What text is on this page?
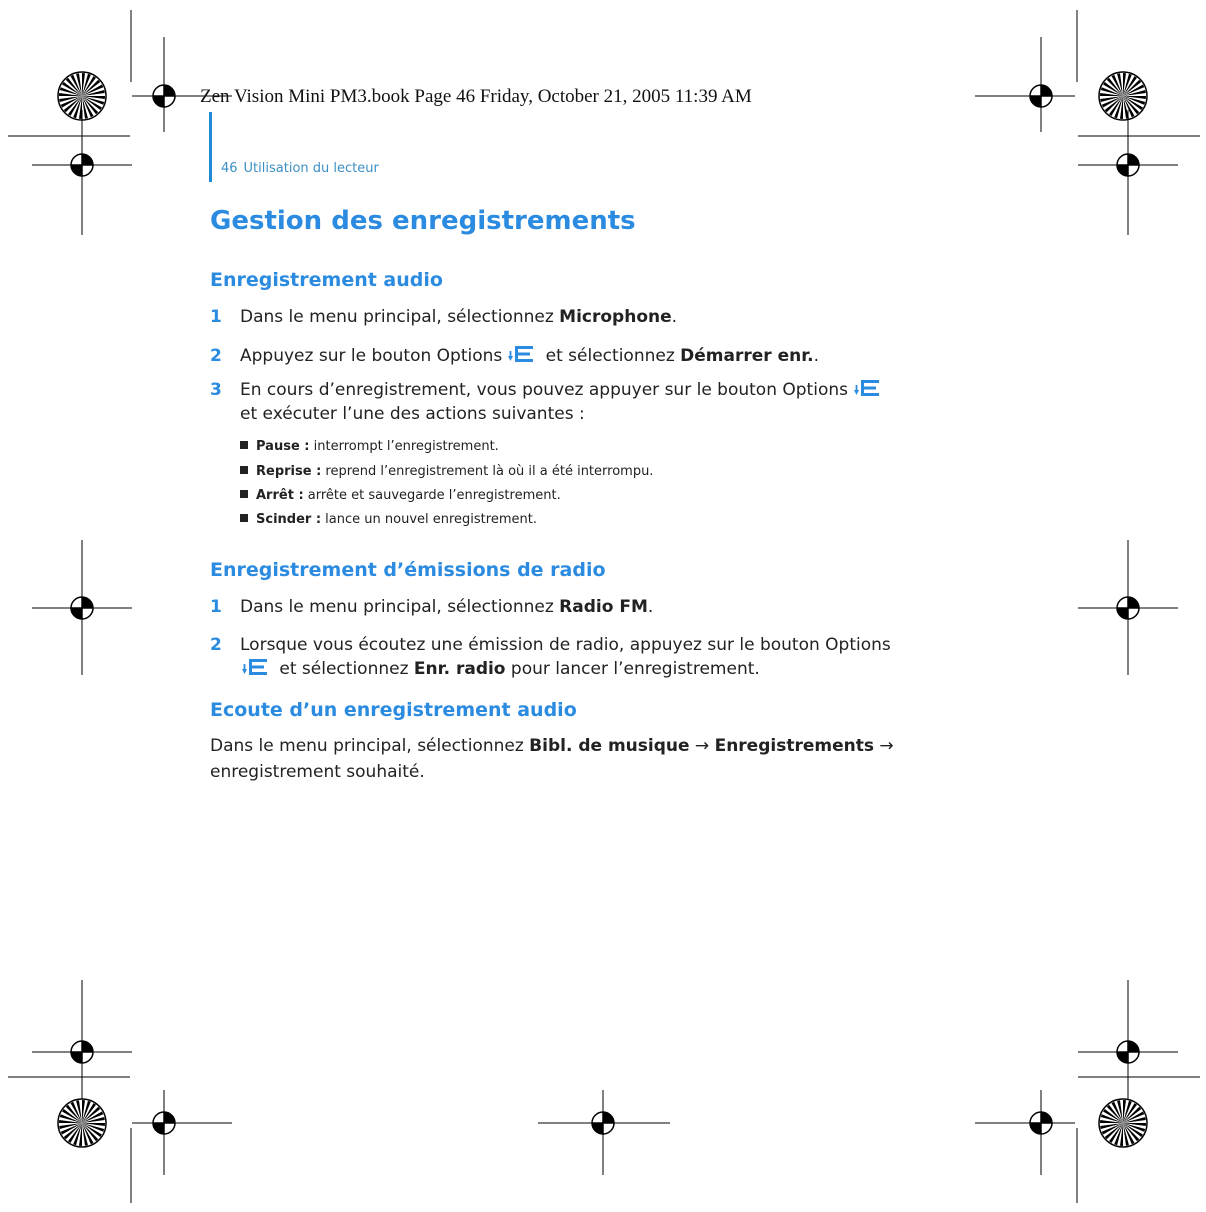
Zen Vision Mini PM3.book Page 46 Friday, October 21, 2005 11:39 AM
46 Utilisation du lecteur
Gestion des enregistrements
Enregistrement audio
1 Dans le menu principal, sélectionnez Microphone.
2 Appuyez sur le bouton Options et sélectionnez Démarrer enr..
3 En cours d’enregistrement, vous pouvez appuyer sur le bouton Options
et exécuter l’une des actions suivantes :
Pause : interrompt l’enregistrement.
Reprise : reprend l’enregistrement là où il a été interrompu.
Arrêt : arrête et sauvegarde l’enregistrement.
Scinder : lance un nouvel enregistrement.
Enregistrement d’émissions de radio
1 Dans le menu principal, sélectionnez Radio FM.
2 Lorsque vous écoutez une émission de radio, appuyez sur le bouton Options
et sélectionnez Enr. radio pour lancer l’enregistrement.
Ecoute d’un enregistrement audio
Dans le menu principal, sélectionnez Bibl. de musique → Enregistrements →
enregistrement souhaité.
